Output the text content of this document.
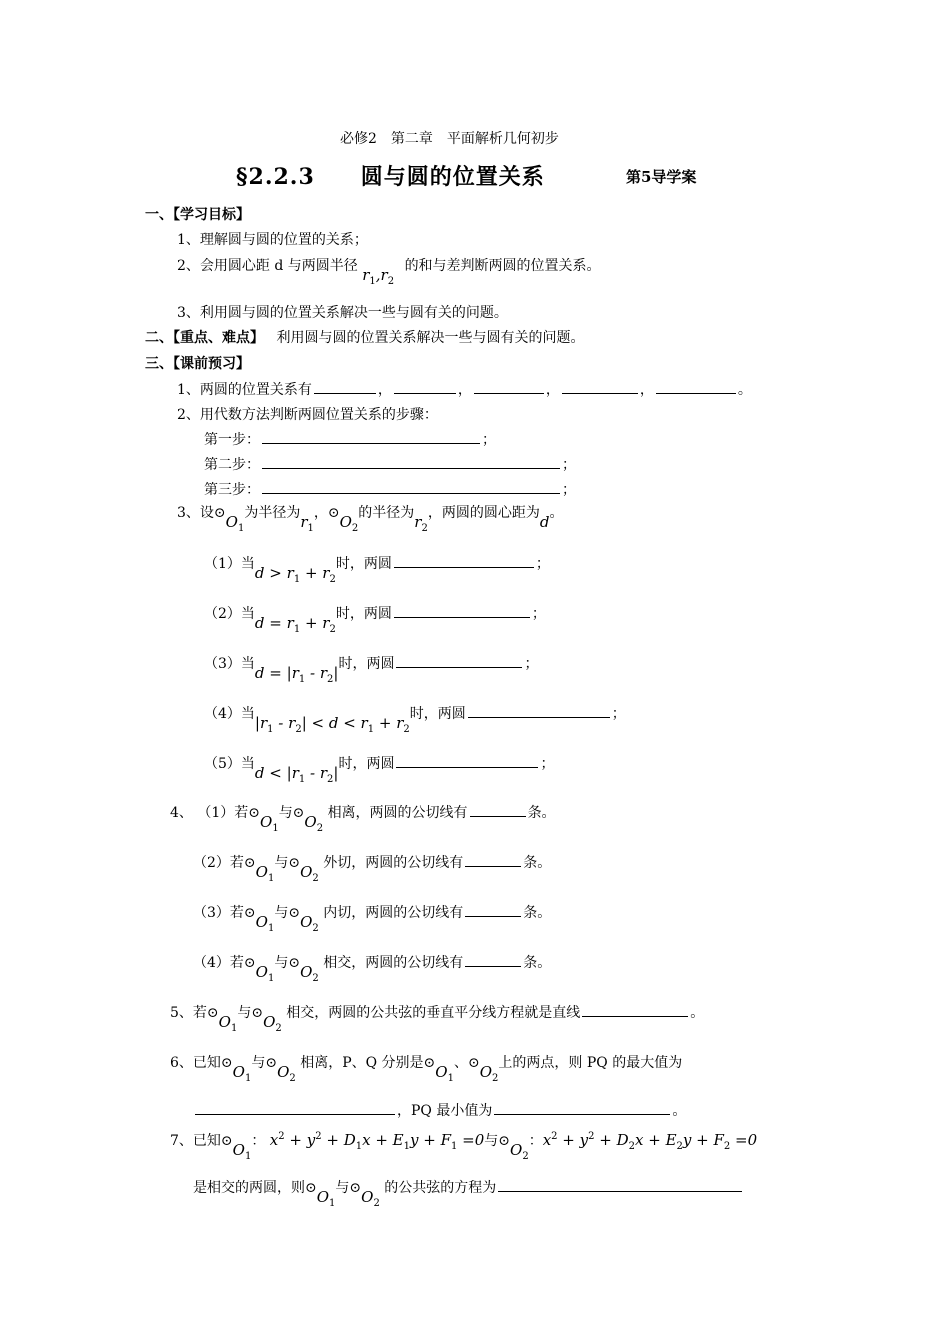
必修2　第二章　平面解析几何初步
§2.2.3　　圆与圆的位置关系	第5导学案
一、【学习目标】
1、理解圆与圆的位置的关系；
2、会用圆心距 d 与两圆半径 $r_1,r_2$ 的和与差判断两圆的位置关系。
3、利用圆与圆的位置关系解决一些与圆有关的问题。
二、【重点、难点】 利用圆与圆的位置关系解决一些与圆有关的问题。
三、【课前预习】
1、两圆的位置关系有	，	，	，	，	。
2、用代数方法判断两圆位置关系的步骤：
第一步：	；
第二步：	；
第三步：	；
3、设$⊙O_1$为半径为$r_1$，$⊙O_2$的半径为$r_2$，两圆的圆心距为d。
（1）当$d > r_1 + r_2$时，两圆	；
（2）当$d = r_1 + r_2$时，两圆	；
（3）当$d = |r_1 - r_2|$时，两圆	；
（4）当$|r_1 - r_2| < d < r_1 + r_2$时，两圆	；
（5）当$d < |r_1 - r_2|$时，两圆	；
4、 （1）若$⊙O_1$与$⊙O_2$ 相离，两圆的公切线有	条。
（2）若$⊙O_1$与$⊙O_2$ 外切，两圆的公切线有	条。
（3）若$⊙O_1$与$⊙O_2$ 内切，两圆的公切线有	条。
（4）若$⊙O_1$与$⊙O_2$ 相交，两圆的公切线有	条。
5、若$⊙O_1$与$⊙O_2$ 相交，两圆的公共弦的垂直平分线方程就是直线	。
6、已知$⊙O_1$与$⊙O_2$ 相离，P、Q 分别是$⊙O_1$、$⊙O_2$上的两点，则 PQ 的最大值为
，PQ 最小值为	。
7、已知$⊙O_1$： $x^2 + y^2 + D_1x + E_1y + F_1 =0$与$⊙O_2$：$x^2 + y^2 + D_2x + E_2y + F_2 =0$
是相交的两圆，则$⊙O_1$与$⊙O_2$ 的公共弦的方程为
